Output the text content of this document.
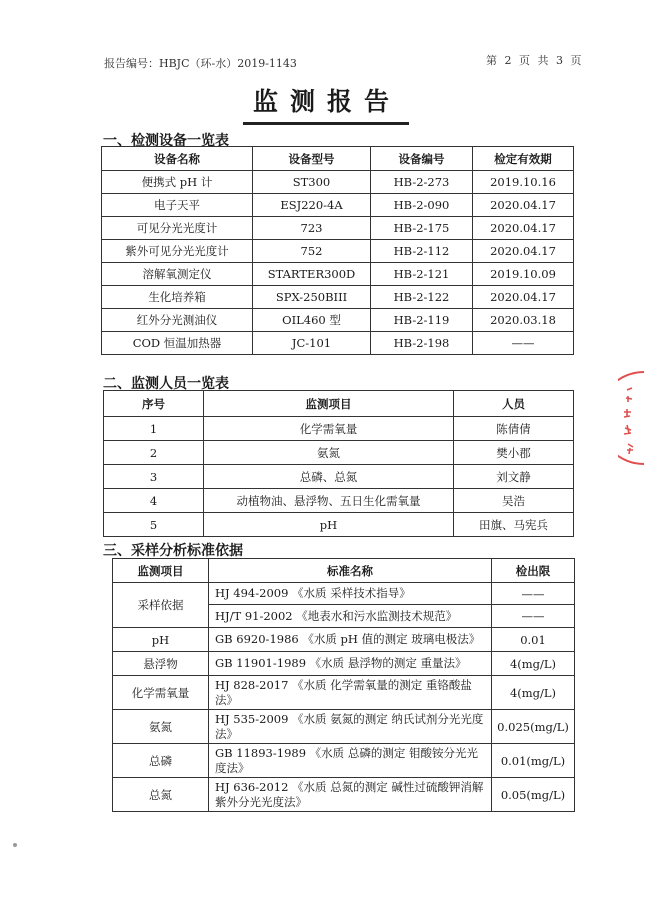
报告编号：HBJC（环-水）2019-1143	第 2 页 共 3 页
监测报告
一、检测设备一览表
设备名称	设备型号	设备编号	检定有效期
便携式 pH 计	ST300	HB-2-273	2019.10.16
电子天平	ESJ220-4A	HB-2-090	2020.04.17
可见分光光度计	723	HB-2-175	2020.04.17
紫外可见分光光度计	752	HB-2-112	2020.04.17
溶解氧测定仪	STARTER300D	HB-2-121	2019.10.09
生化培养箱	SPX-250BIII	HB-2-122	2020.04.17
红外分光测油仪	OIL460 型	HB-2-119	2020.03.18
COD 恒温加热器	JC-101	HB-2-198	——
二、监测人员一览表
序号	监测项目	人员
1	化学需氧量	陈倩倩
2	氨氮	樊小郡
3	总磷、总氮	刘文静
4	动植物油、悬浮物、五日生化需氧量	吴浩
5	pH	田旗、马宪兵
三、采样分析标准依据
监测项目	标准名称	检出限
采样依据	HJ 494-2009 《水质 采样技术指导》	——
	HJ/T 91-2002 《地表水和污水监测技术规范》	——
pH	GB 6920-1986 《水质 pH 值的测定 玻璃电极法》	0.01
悬浮物	GB 11901-1989 《水质 悬浮物的测定 重量法》	4(mg/L)
化学需氧量	HJ 828-2017 《水质 化学需氧量的测定 重铬酸盐法》	4(mg/L)
氨氮	HJ 535-2009 《水质 氨氮的测定 纳氏试剂分光光度法》	0.025(mg/L)
总磷	GB 11893-1989 《水质 总磷的测定 钼酸铵分光光度法》	0.01(mg/L)
总氮	HJ 636-2012 《水质 总氮的测定 碱性过硫酸钾消解紫外分光光度法》	0.05(mg/L)
